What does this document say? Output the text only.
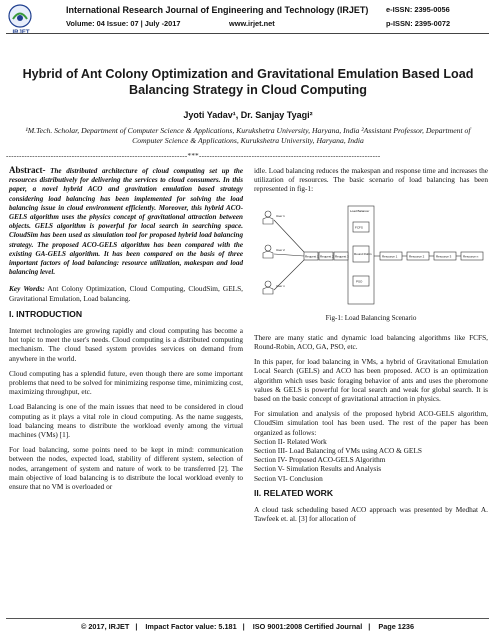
International Research Journal of Engineering and Technology (IRJET) e-ISSN: 2395-0056
Volume: 04 Issue: 07 | July -2017	www.irjet.net	p-ISSN: 2395-0072
Hybrid of Ant Colony Optimization and Gravitational Emulation Based Load Balancing Strategy in Cloud Computing
Jyoti Yadav¹, Dr. Sanjay Tyagi²
¹M.Tech. Scholar, Department of Computer Science & Applications, Kurukshetra University, Haryana, India ²Assistant Professor, Department of Computer Science & Applications, Kurukshetra University, Haryana, India
---------------------------------------------------------------------***---------------------------------------------------------------------

Abstract- The distributed architecture of cloud computing set up the resources distributively for delivering the services to cloud consumers. In this paper, a novel hybrid ACO and gravitation emulation based strategy considering load balancing has been implemented for solving the load balancing issue in cloud environment efficiently. Moreover, this hybrid ACO-GELS algorithm uses the physics concept of gravitational attraction between objects. GELS algorithm is powerful for local search in searching space. CloudSim has been used as simulation tool for proposed hybrid load balancing strategy. The proposed ACO-GELS algorithm has been compared with the existing GA-GELS algorithm. It has been compared on the basis of three important factors of load balancing: resource utilization, makespan and load balancing level.

Key Words: Ant Colony Optimization, Cloud Computing, CloudSim, GELS, Gravitational Emulation, Load balancing.

I. INTRODUCTION

Internet technologies are growing rapidly and cloud computing has become a hot topic to meet the user's needs. Cloud computing is a distributed computing mechanism. The cloud based system provides services on demand from anywhere in the world.

Cloud computing has a splendid future, even though there are some important problems that need to be solved for minimizing response time, minimizing cost, maximizing throughput, etc.

Load Balancing is one of the main issues that need to be considered in cloud computing as it plays a vital role in cloud computing. As the name suggests, load balancing means to distribute the workload evenly among the virtual machines (VMs) [1].

For load balancing, some points need to be kept in mind: communication between the nodes, expected load, stability of different system, selection of nodes, arrangement of system and nature of work to be transferred [2]. The main objective of load balancing is to distribute the local workload evenly to ensure that no VM is overloaded or

idle. Load balancing reduces the makespan and response time and increases the utilization of resources. The basic scenario of load balancing has been represented in fig-1:

User 1
User 2
User n
Request 1 Request 2 Request 3
Load Balancer
FCFS
Round Robin
PSO
Resource 1	Resource 2	Resource 3	Resource n
Fig-1: Load Balancing Scenario

There are many static and dynamic load balancing algorithms like FCFS, Round-Robin, ACO, GA, PSO, etc.

In this paper, for load balancing in VMs, a hybrid of Gravitational Emulation Local Search (GELS) and ACO has been proposed. ACO is an optimization algorithm which uses basic foraging behavior of ants and uses the pheromone values & GELS is powerful for local search and weak for global search. It is based on the basic concept of gravitational attraction in physics.

For simulation and analysis of the proposed hybrid ACO-GELS algorithm, CloudSim simulation tool has been used. The rest of the paper has been organized as follows:

Section II- Related Work
Section III- Load Balancing of VMs using ACO & GELS
Section IV- Proposed ACO-GELS Algorithm
Section V- Simulation Results and Analysis
Section VI- Conclusion
II. RELATED WORK

A cloud task scheduling based ACO approach was presented by Medhat A. Tawfeek et. al. [3] for allocation of

© 2017, IRJET | Impact Factor value: 5.181 | ISO 9001:2008 Certified Journal | Page 1236
